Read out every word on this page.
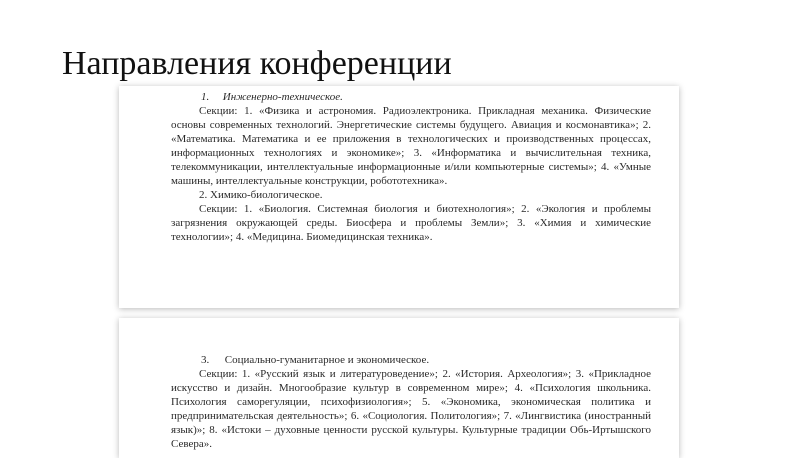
Направления конференции
1. Инженерно-техническое.

Секции: 1. «Физика и астрономия. Радиоэлектроника. Прикладная механика. Физические основы современных технологий. Энергетические системы будущего. Авиация и космонавтика»; 2. «Математика. Математика и ее приложения в технологических и производственных процессах, информационных технологиях и экономике»; 3. «Информатика и вычислительная техника, телекоммуникации, интеллектуальные информационные и/или компьютерные системы»; 4. «Умные машины, интеллектуальные конструкции, робототехника».

2. Химико-биологическое.

Секции: 1. «Биология. Системная биология и биотехнология»; 2. «Экология и проблемы загрязнения окружающей среды. Биосфера и проблемы Земли»; 3. «Химия и химические технологии»; 4. «Медицина. Биомедицинская техника».

3. Социально-гуманитарное и экономическое.

Секции: 1. «Русский язык и литературоведение»; 2. «История. Археология»; 3. «Прикладное искусство и дизайн. Многообразие культур в современном мире»; 4. «Психология школьника. Психология саморегуляции, психофизиология»; 5. «Экономика, экономическая политика и предпринимательская деятельность»; 6. «Социология. Политология»; 7. «Лингвистика (иностранный язык)»; 8. «Истоки – духовные ценности русской культуры. Культурные традиции Обь-Иртышского Севера».
